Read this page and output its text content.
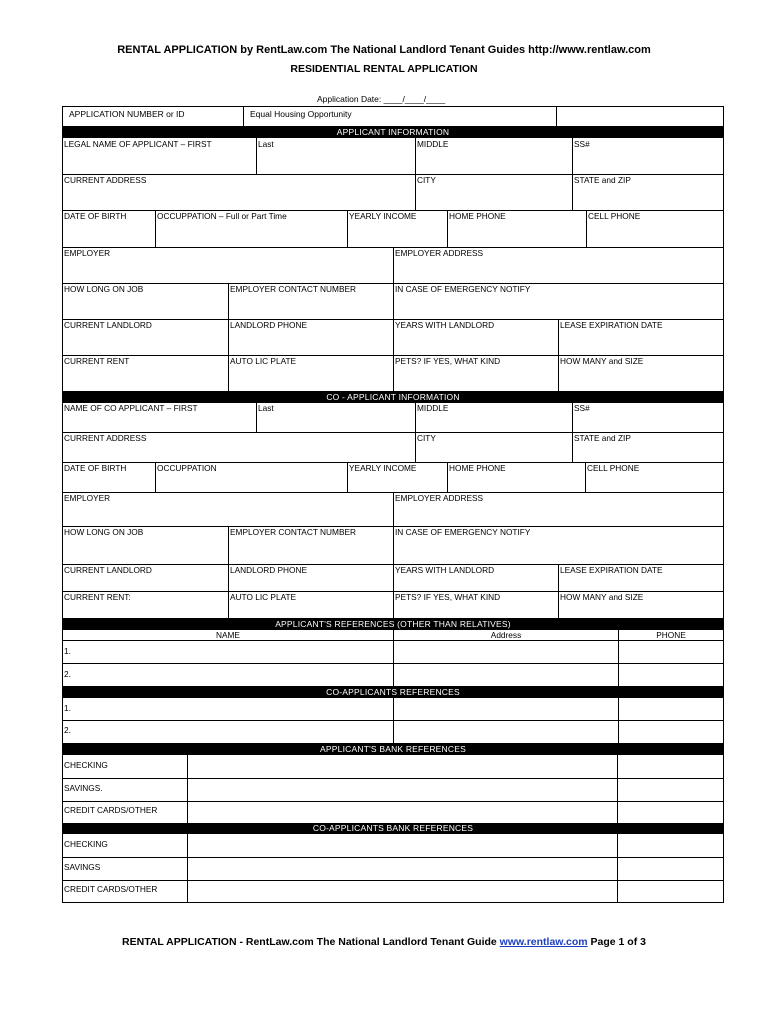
RENTAL APPLICATION by RentLaw.com The National Landlord Tenant Guides http://www.rentlaw.com
RESIDENTIAL RENTAL APPLICATION
Application Date: ____/____/____
APPLICATION NUMBER or ID	Equal Housing Opportunity
APPLICANT INFORMATION
LEGAL NAME OF APPLICANT – FIRST	Last	MIDDLE	SS#
CURRENT ADDRESS	CITY	STATE and ZIP
DATE OF BIRTH	OCCUPPATION – Full or Part Time	YEARLY INCOME	HOME PHONE	CELL PHONE
EMPLOYER	EMPLOYER ADDRESS
HOW LONG ON JOB	EMPLOYER CONTACT NUMBER	IN CASE OF EMERGENCY NOTIFY
CURRENT LANDLORD	LANDLORD PHONE	YEARS WITH LANDLORD	LEASE EXPIRATION DATE
CURRENT RENT	AUTO LIC PLATE	PETS? IF YES, WHAT KIND	HOW MANY and SIZE
CO - APPLICANT INFORMATION
NAME OF CO APPLICANT – FIRST	Last	MIDDLE	SS#
CURRENT ADDRESS	CITY	STATE and ZIP
DATE OF BIRTH	OCCUPPATION	YEARLY INCOME	HOME PHONE	CELL PHONE
EMPLOYER	EMPLOYER ADDRESS
HOW LONG ON JOB	EMPLOYER CONTACT NUMBER	IN CASE OF EMERGENCY NOTIFY
CURRENT LANDLORD	LANDLORD PHONE	YEARS WITH LANDLORD	LEASE EXPIRATION DATE
CURRENT RENT:	AUTO LIC PLATE	PETS? IF YES, WHAT KIND	HOW MANY and SIZE
APPLICANT'S REFERENCES (OTHER THAN RELATIVES)
NAME	Address	PHONE
1.
2.
CO-APPLICANTS REFERENCES
1.
2.
APPLICANT'S BANK REFERENCES
CHECKING
SAVINGS.
CREDIT CARDS/OTHER
CO-APPLICANTS BANK REFERENCES
CHECKING
SAVINGS
CREDIT CARDS/OTHER
RENTAL APPLICATION - RentLaw.com The National Landlord Tenant Guide www.rentlaw.com Page 1 of 3
